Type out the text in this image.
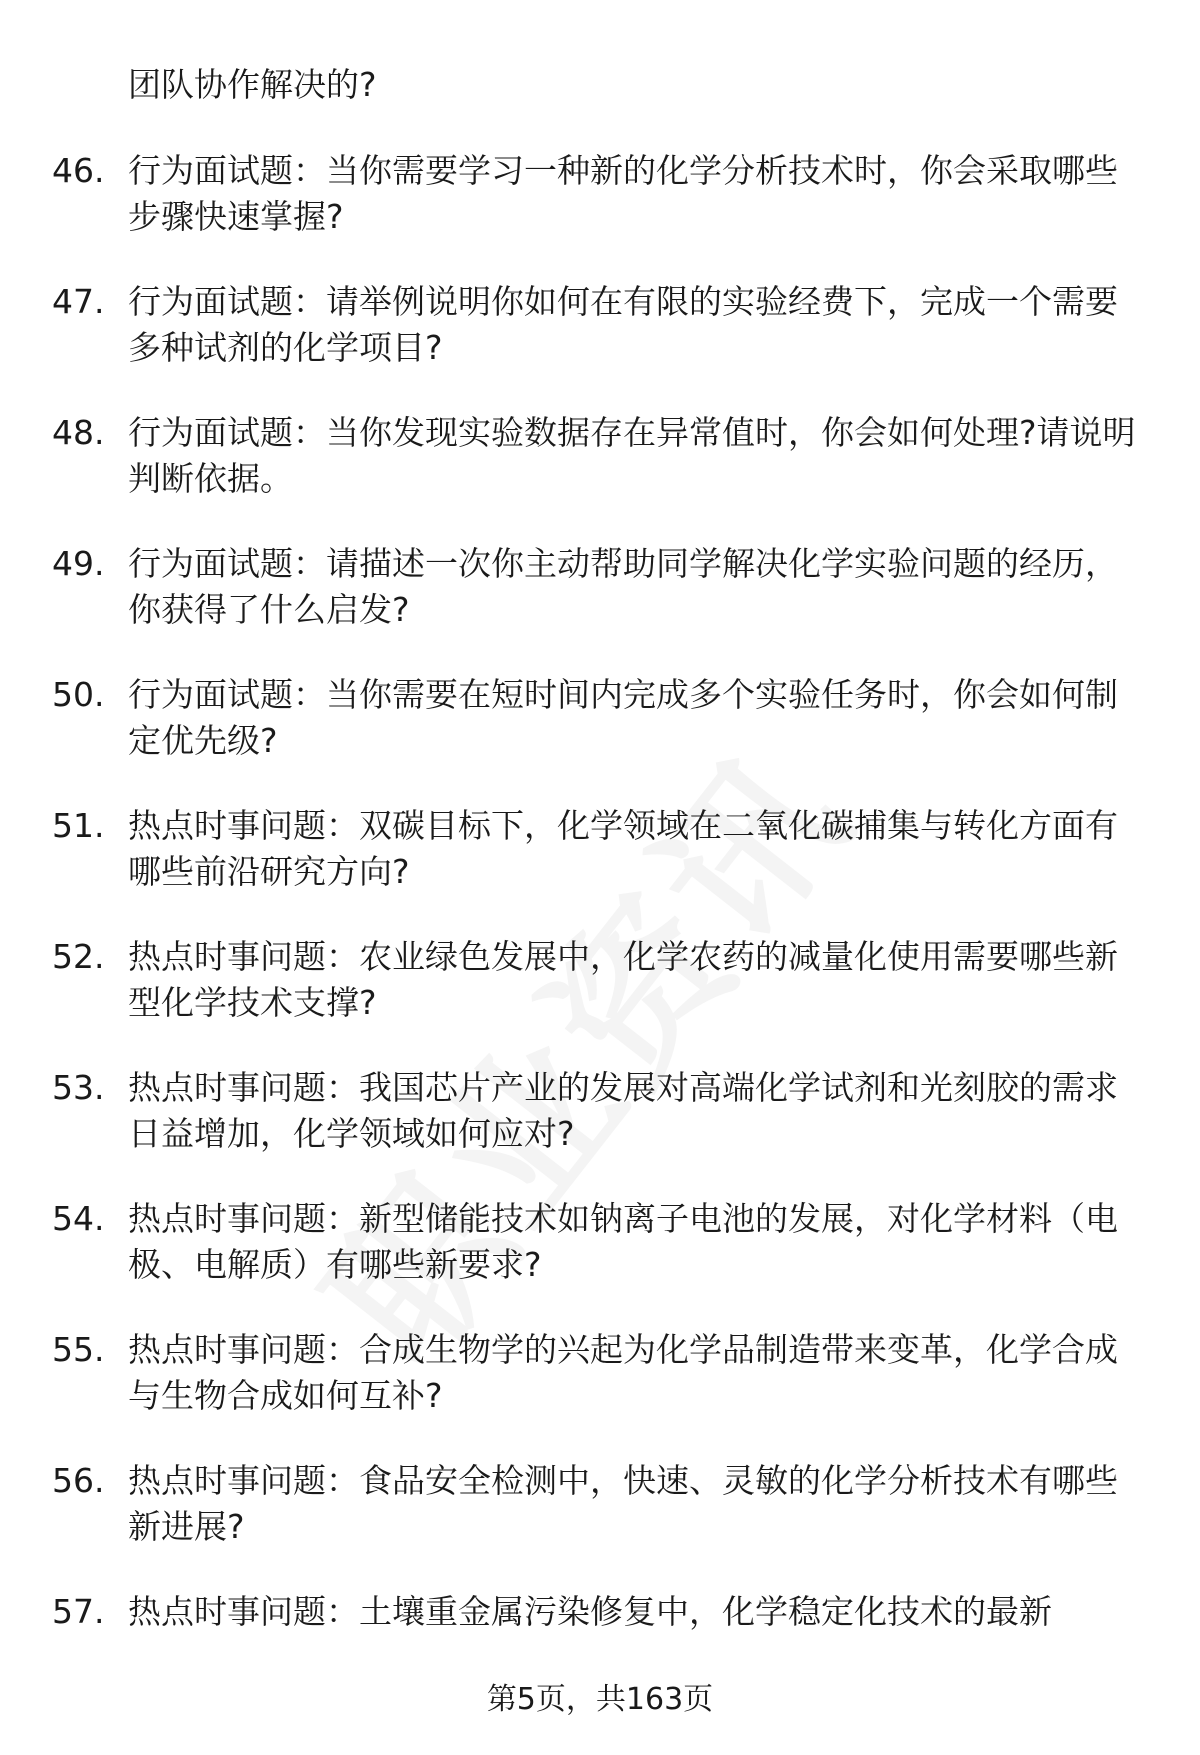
团队协作解决的?
46. 行为面试题：当你需要学习一种新的化学分析技术时，你会采取哪些步骤快速掌握?
47. 行为面试题：请举例说明你如何在有限的实验经费下，完成一个需要多种试剂的化学项目?
48. 行为面试题：当你发现实验数据存在异常值时，你会如何处理?请说明判断依据。
49. 行为面试题：请描述一次你主动帮助同学解决化学实验问题的经历，你获得了什么启发?
50. 行为面试题：当你需要在短时间内完成多个实验任务时，你会如何制定优先级?
51. 热点时事问题：双碳目标下，化学领域在二氧化碳捕集与转化方面有哪些前沿研究方向?
52. 热点时事问题：农业绿色发展中，化学农药的减量化使用需要哪些新型化学技术支撑?
53. 热点时事问题：我国芯片产业的发展对高端化学试剂和光刻胶的需求日益增加，化学领域如何应对?
54. 热点时事问题：新型储能技术如钠离子电池的发展，对化学材料（电极、电解质）有哪些新要求?
55. 热点时事问题：合成生物学的兴起为化学品制造带来变革，化学合成与生物合成如何互补?
56. 热点时事问题：食品安全检测中，快速、灵敏的化学分析技术有哪些新进展?
57. 热点时事问题：土壤重金属污染修复中，化学稳定化技术的最新
第5页，共163页
